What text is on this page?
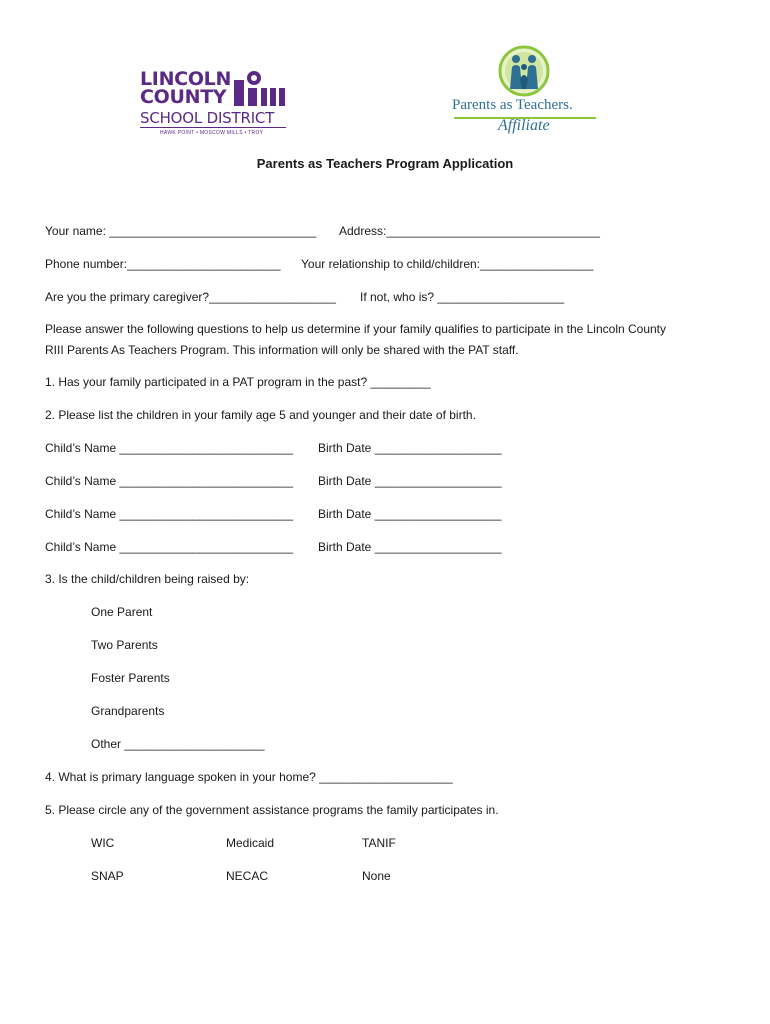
LINCOLN
COUNTY
SCHOOL DISTRICT
HAWK POINT • MOSCOW MILLS • TROY
Parents as Teachers.
Affiliate
Parents as Teachers Program Application
Your name: _______________________________ Address:________________________________
Phone number:_______________________ Your relationship to child/children:_________________
Are you the primary caregiver?___________________ If not, who is? ___________________
Please answer the following questions to help us determine if your family qualifies to participate in the Lincoln County
RIII Parents As Teachers Program. This information will only be shared with the PAT staff.
1. Has your family participated in a PAT program in the past? _________
2. Please list the children in your family age 5 and younger and their date of birth.
Child’s Name __________________________ Birth Date ___________________
Child’s Name __________________________ Birth Date ___________________
Child’s Name __________________________ Birth Date ___________________
Child’s Name __________________________ Birth Date ___________________
3. Is the child/children being raised by:
One Parent
Two Parents
Foster Parents
Grandparents
Other _____________________
4. What is primary language spoken in your home? ____________________
5. Please circle any of the government assistance programs the family participates in.
WIC	Medicaid	TANIF
SNAP	NECAC	None
